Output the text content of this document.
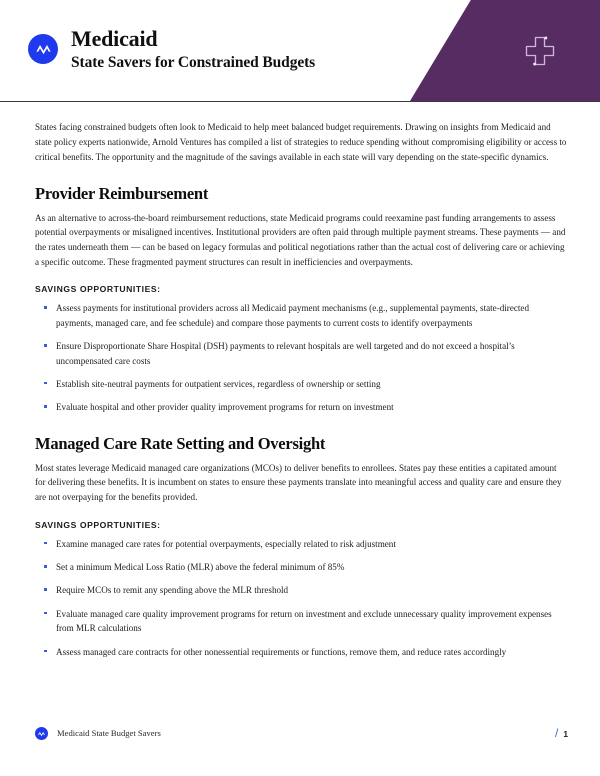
Medicaid
State Savers for Constrained Budgets

States facing constrained budgets often look to Medicaid to help meet balanced budget requirements. Drawing on insights from Medicaid and state policy experts nationwide, Arnold Ventures has compiled a list of strategies to reduce spending without compromising eligibility or access to critical benefits. The opportunity and the magnitude of the savings available in each state will vary depending on the state-specific dynamics.

Provider Reimbursement

As an alternative to across-the-board reimbursement reductions, state Medicaid programs could reexamine past funding arrangements to assess potential overpayments or misaligned incentives. Institutional providers are often paid through multiple payment streams. These payments — and the rates underneath them — can be based on legacy formulas and political negotiations rather than the actual cost of delivering care or achieving a specific outcome. These fragmented payment structures can result in inefficiencies and overpayments.

SAVINGS OPPORTUNITIES:
Assess payments for institutional providers across all Medicaid payment mechanisms (e.g., supplemental payments, state-directed payments, managed care, and fee schedule) and compare those payments to current costs to identify overpayments
Ensure Disproportionate Share Hospital (DSH) payments to relevant hospitals are well targeted and do not exceed a hospital’s uncompensated care costs
Establish site-neutral payments for outpatient services, regardless of ownership or setting
Evaluate hospital and other provider quality improvement programs for return on investment
Managed Care Rate Setting and Oversight

Most states leverage Medicaid managed care organizations (MCOs) to deliver benefits to enrollees. States pay these entities a capitated amount for delivering these benefits. It is incumbent on states to ensure these payments translate into meaningful access and quality care and ensure they are not overpaying for the benefits provided.

SAVINGS OPPORTUNITIES:
Examine managed care rates for potential overpayments, especially related to risk adjustment
Set a minimum Medical Loss Ratio (MLR) above the federal minimum of 85%
Require MCOs to remit any spending above the MLR threshold
Evaluate managed care quality improvement programs for return on investment and exclude unnecessary quality improvement expenses from MLR calculations
Assess managed care contracts for other nonessential requirements or functions, remove them, and reduce rates accordingly
Medicaid State Budget Savers	/ 1
